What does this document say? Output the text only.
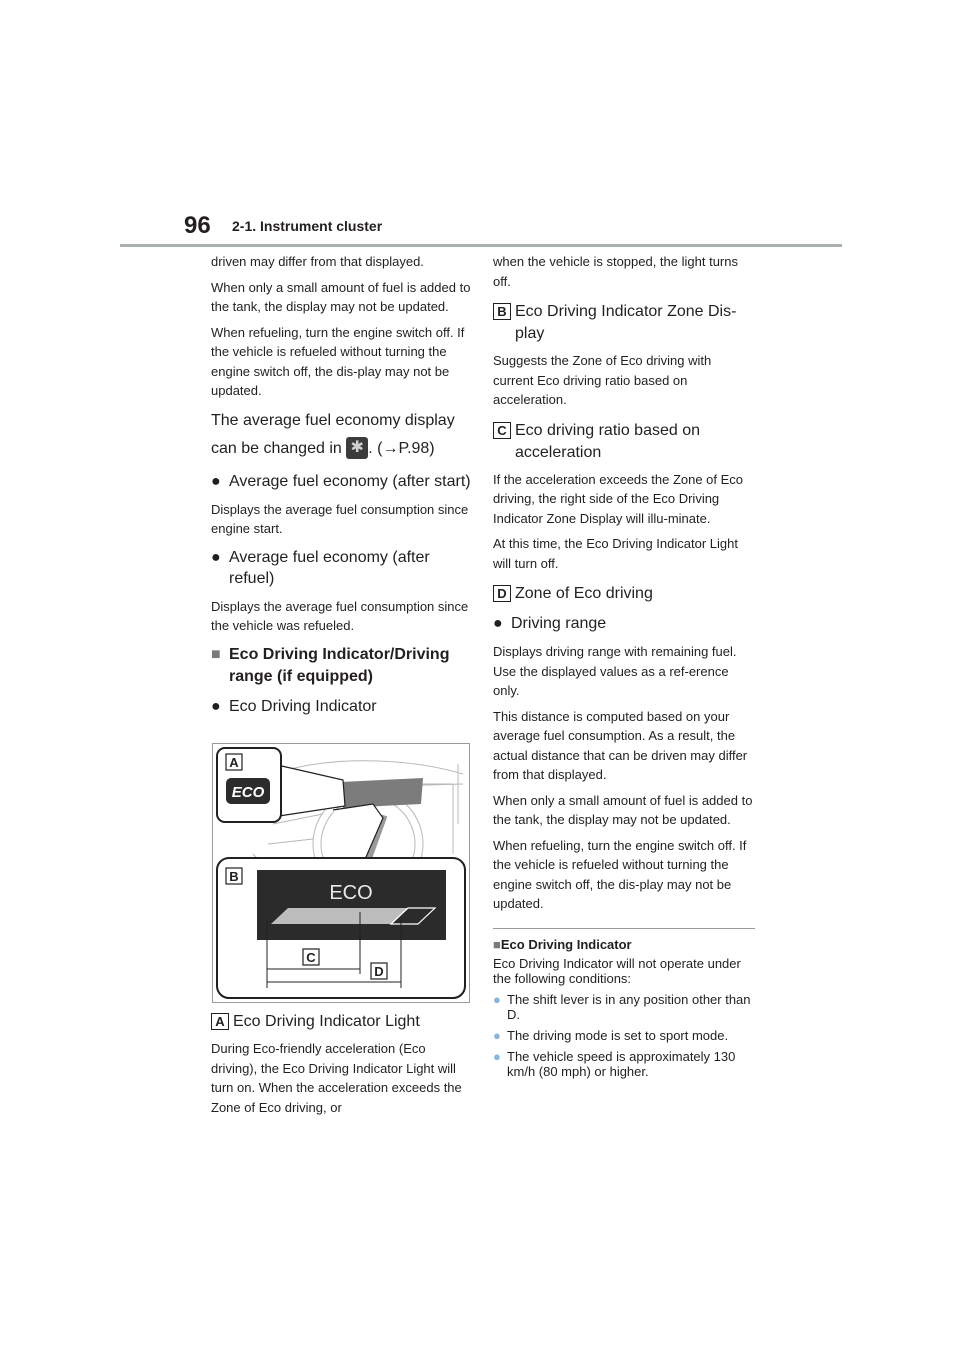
96 2-1. Instrument cluster

driven may differ from that displayed.

When only a small amount of fuel is added to the tank, the display may not be updated.

When refueling, turn the engine switch off. If the vehicle is refueled without turning the engine switch off, the dis-play may not be updated.

The average fuel economy display
can be changed in ✱ . (→P.98)

● Average fuel economy (after start)

Displays the average fuel consumption since engine start.

● Average fuel economy (after refuel)

Displays the average fuel consumption since the vehicle was refueled.

■ Eco Driving Indicator/Driving range (if equipped)
● Eco Driving Indicator
ECO
A
B
ECO
C
D
A Eco Driving Indicator Light

During Eco-friendly acceleration (Eco driving), the Eco Driving Indicator Light will turn on. When the acceleration exceeds the Zone of Eco driving, or

when the vehicle is stopped, the light turns off.

B Eco Driving Indicator Zone Dis-play

Suggests the Zone of Eco driving with current Eco driving ratio based on acceleration.

C Eco driving ratio based on acceleration

If the acceleration exceeds the Zone of Eco driving, the right side of the Eco Driving Indicator Zone Display will illu-minate.

At this time, the Eco Driving Indicator Light will turn off.

D Zone of Eco driving
● Driving range

Displays driving range with remaining fuel. Use the displayed values as a ref-erence only.

This distance is computed based on your average fuel consumption. As a result, the actual distance that can be driven may differ from that displayed.

When only a small amount of fuel is added to the tank, the display may not be updated.

When refueling, turn the engine switch off. If the vehicle is refueled without turning the engine switch off, the dis-play may not be updated.

■Eco Driving Indicator

Eco Driving Indicator will not operate under the following conditions:

● The shift lever is in any position other than D.
● The driving mode is set to sport mode.
● The vehicle speed is approximately 130 km/h (80 mph) or higher.
